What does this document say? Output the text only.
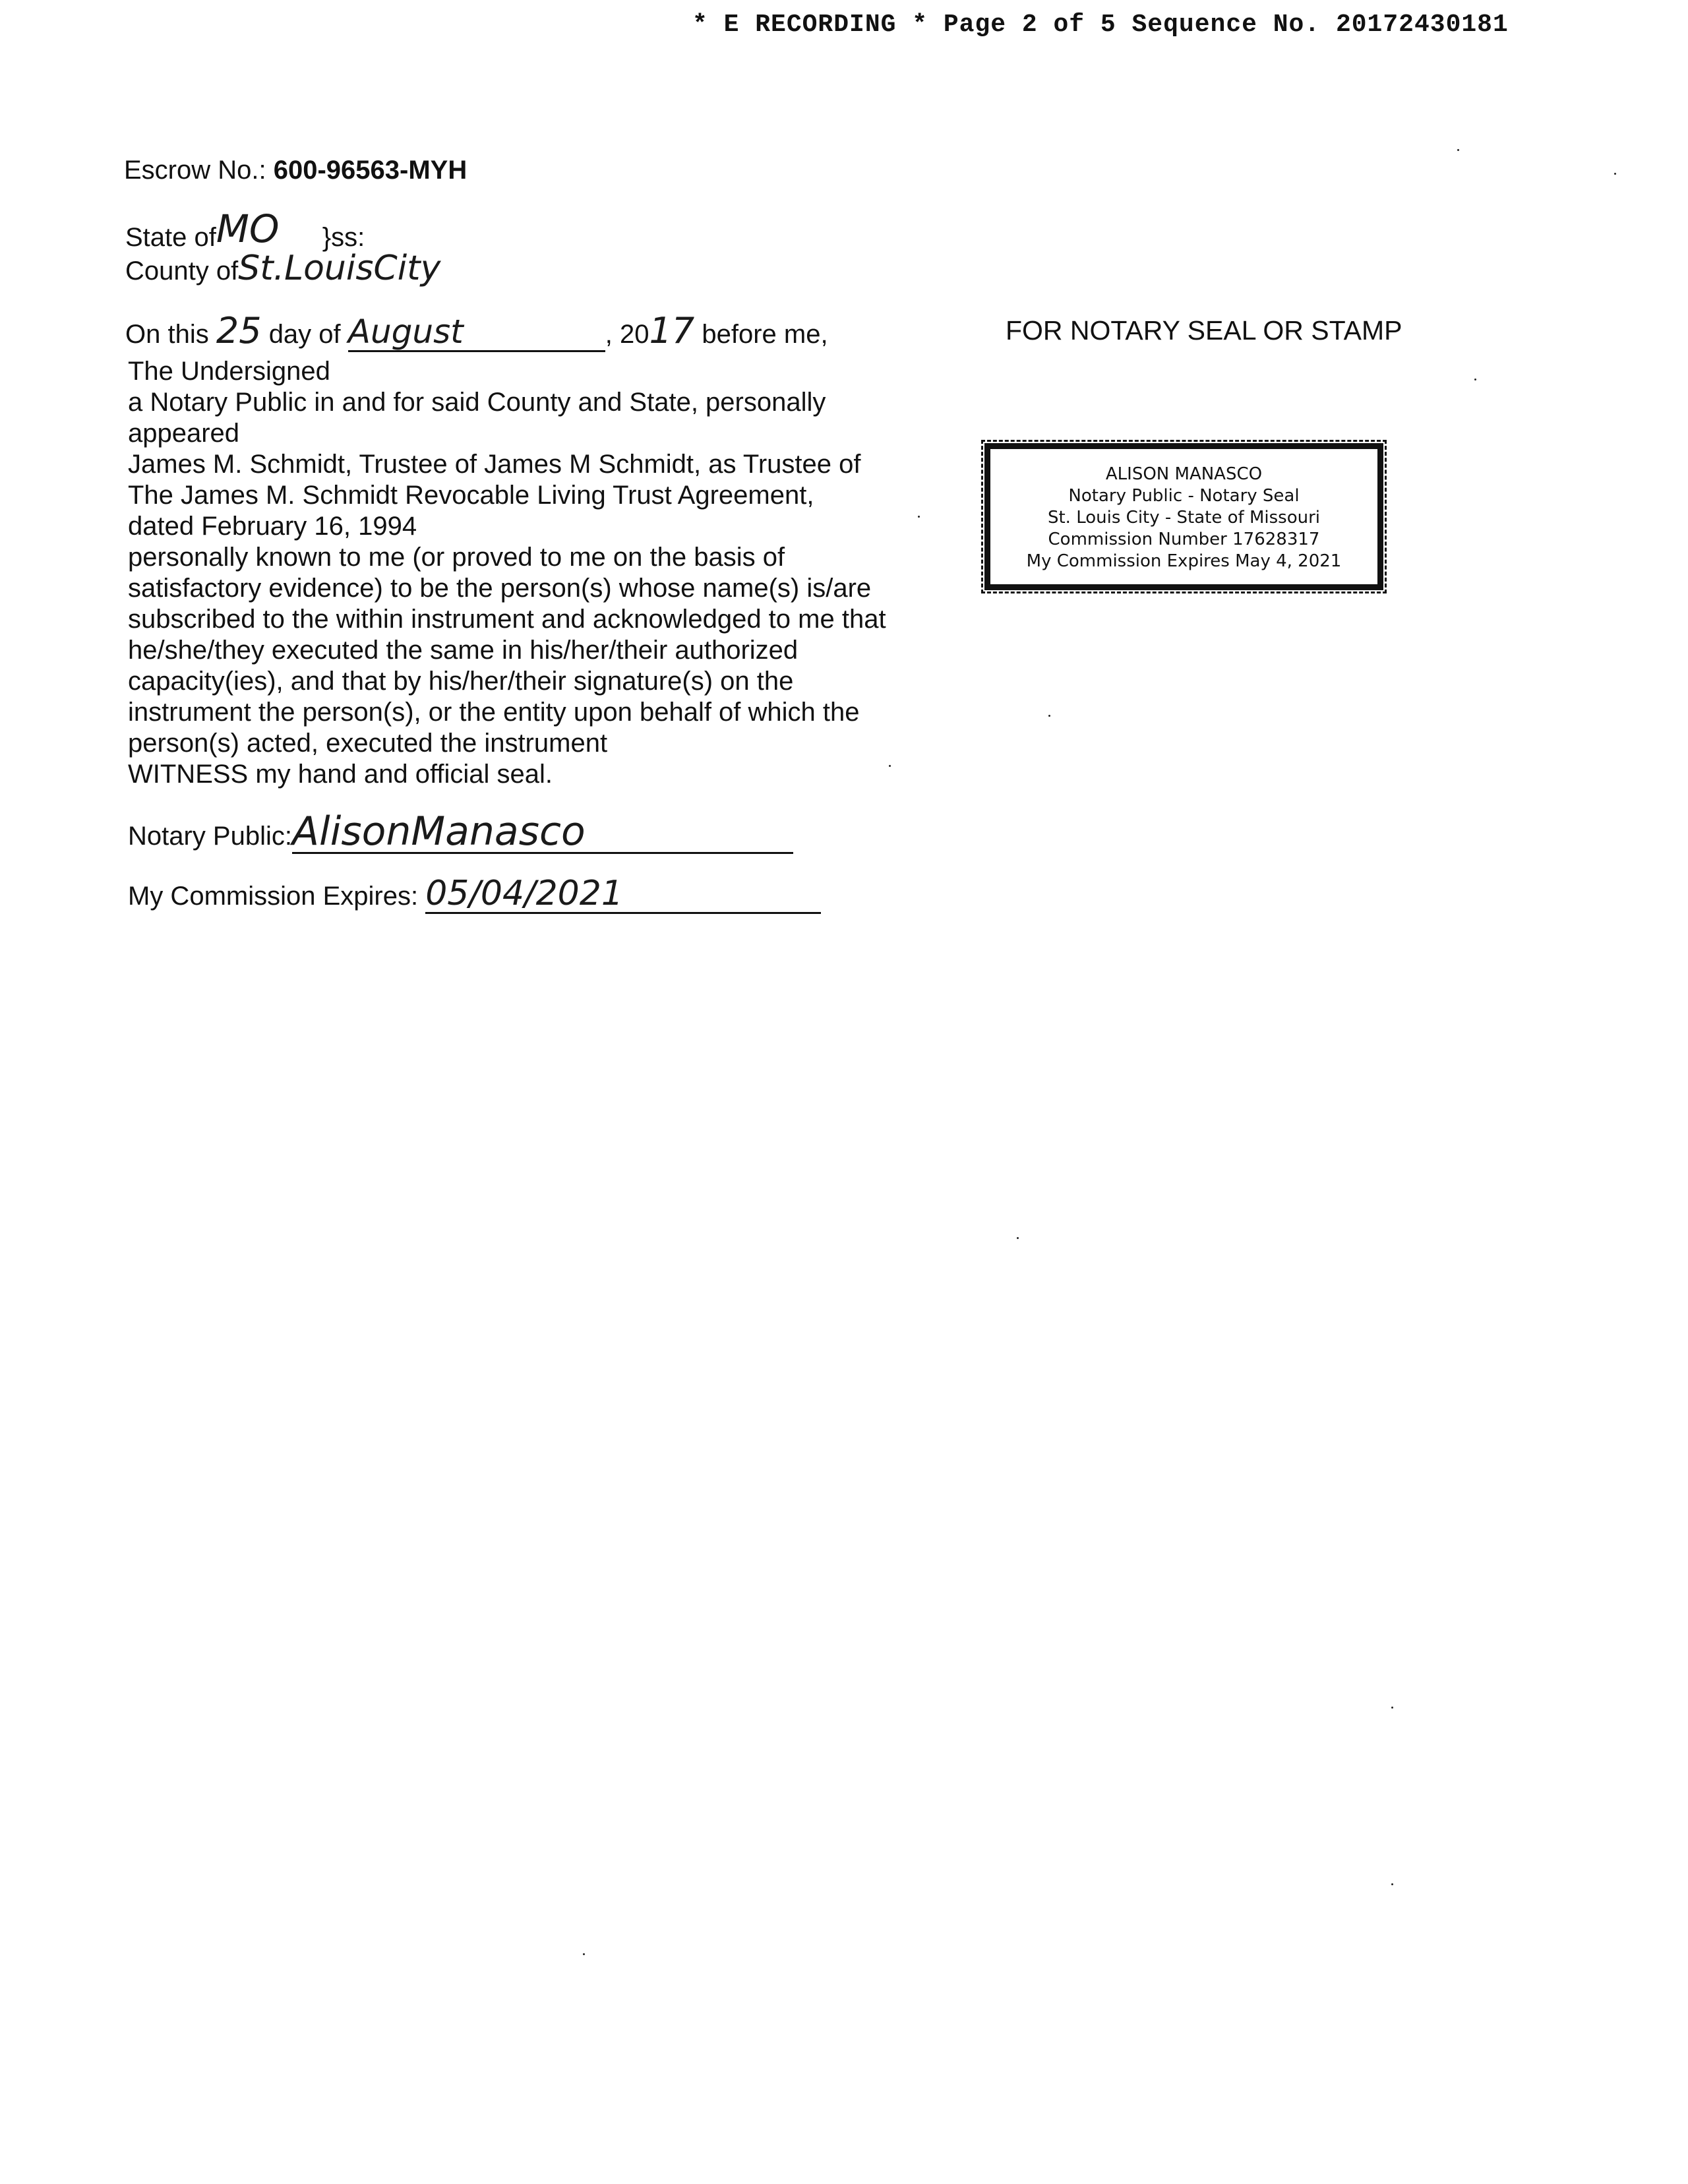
* E RECORDING * Page 2 of 5 Sequence No. 20172430181
Escrow No.: 600-96563-MYH
State ofMO }ss:
County ofSt.LouisCity
On this 25 day of August	, 2017 before me,
The Undersigned
a Notary Public in and for said County and State, personally
appeared
James M. Schmidt, Trustee of James M Schmidt, as Trustee of
The James M. Schmidt Revocable Living Trust Agreement,
dated February 16, 1994
personally known to me (or proved to me on the basis of
satisfactory evidence) to be the person(s) whose name(s) is/are
subscribed to the within instrument and acknowledged to me that
he/she/they executed the same in his/her/their authorized
capacity(ies), and that by his/her/their signature(s) on the
instrument the person(s), or the entity upon behalf of which the
person(s) acted, executed the instrument
WITNESS my hand and official seal.
Notary Public:AlisonManasco
My Commission Expires: 05/04/2021
FOR NOTARY SEAL OR STAMP
ALISON MANASCO
Notary Public - Notary Seal
St. Louis City - State of Missouri
Commission Number 17628317
My Commission Expires May 4, 2021
